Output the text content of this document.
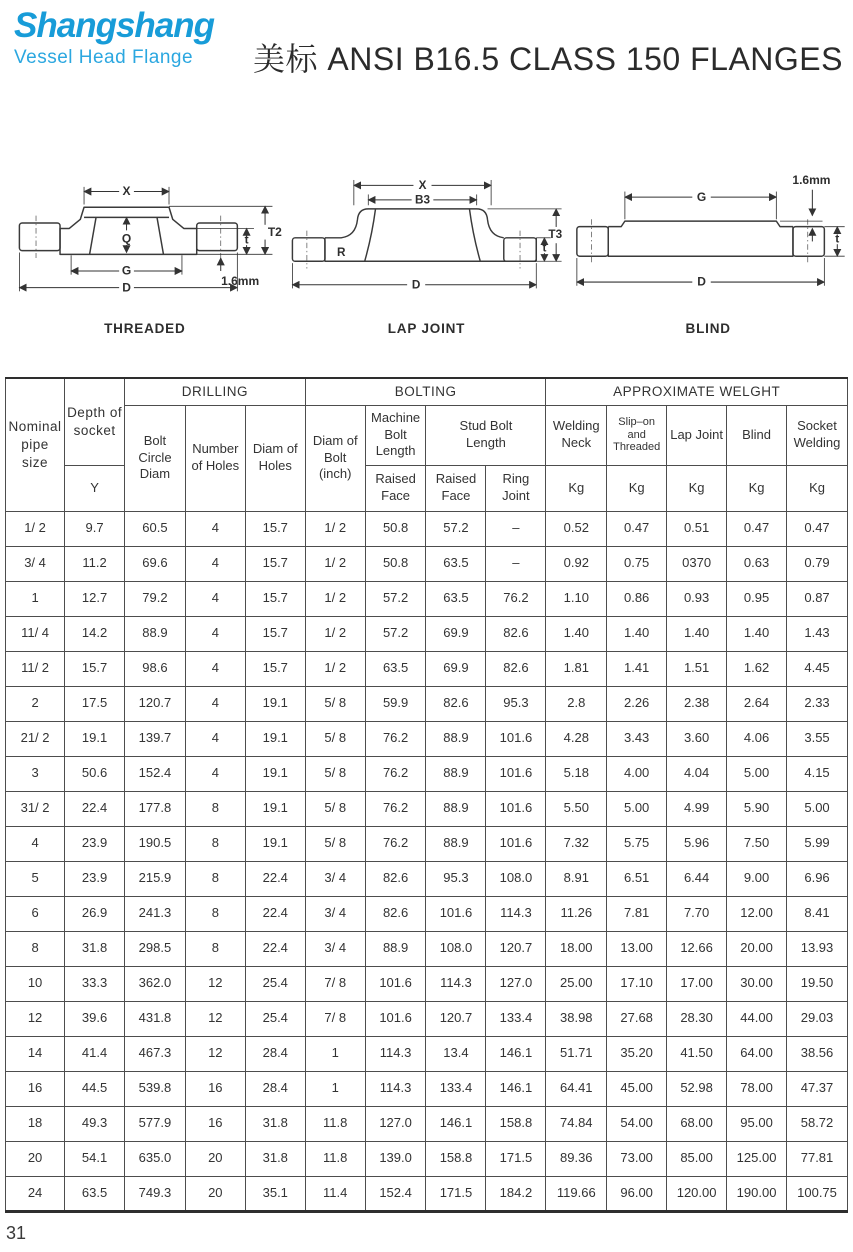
Shangshang
Vessel Head Flange	美标 ANSI B16.5 CLASS 150 FLANGES
X
Q
G
D
t
T2
1.6mm
THREADED
X
B3
R
D
t
T3
LAP JOINT
G
D
t
1.6mm
BLIND
Nominal pipe size	Depth of socket	DRILLING			BOLTING				APPROXIMATE WELGHT				
		Bolt Circle Diam	Number of Holes	Diam of Holes	Diam of Bolt (inch)	Machine Bolt Length	Stud Bolt Length		Welding Neck	Slip–on and Threaded	Lap Joint	Blind	Socket Welding
	Y					Raised Face	Raised Face	Ring Joint	Kg	Kg	Kg	Kg	Kg
1/ 2	9.7	60.5	4	15.7	1/ 2	50.8	57.2	–	0.52	0.47	0.51	0.47	0.47
3/ 4	11.2	69.6	4	15.7	1/ 2	50.8	63.5	–	0.92	0.75	0370	0.63	0.79
1	12.7	79.2	4	15.7	1/ 2	57.2	63.5	76.2	1.10	0.86	0.93	0.95	0.87
11/ 4	14.2	88.9	4	15.7	1/ 2	57.2	69.9	82.6	1.40	1.40	1.40	1.40	1.43
11/ 2	15.7	98.6	4	15.7	1/ 2	63.5	69.9	82.6	1.81	1.41	1.51	1.62	4.45
2	17.5	120.7	4	19.1	5/ 8	59.9	82.6	95.3	2.8	2.26	2.38	2.64	2.33
21/ 2	19.1	139.7	4	19.1	5/ 8	76.2	88.9	101.6	4.28	3.43	3.60	4.06	3.55
3	50.6	152.4	4	19.1	5/ 8	76.2	88.9	101.6	5.18	4.00	4.04	5.00	4.15
31/ 2	22.4	177.8	8	19.1	5/ 8	76.2	88.9	101.6	5.50	5.00	4.99	5.90	5.00
4	23.9	190.5	8	19.1	5/ 8	76.2	88.9	101.6	7.32	5.75	5.96	7.50	5.99
5	23.9	215.9	8	22.4	3/ 4	82.6	95.3	108.0	8.91	6.51	6.44	9.00	6.96
6	26.9	241.3	8	22.4	3/ 4	82.6	101.6	114.3	11.26	7.81	7.70	12.00	8.41
8	31.8	298.5	8	22.4	3/ 4	88.9	108.0	120.7	18.00	13.00	12.66	20.00	13.93
10	33.3	362.0	12	25.4	7/ 8	101.6	114.3	127.0	25.00	17.10	17.00	30.00	19.50
12	39.6	431.8	12	25.4	7/ 8	101.6	120.7	133.4	38.98	27.68	28.30	44.00	29.03
14	41.4	467.3	12	28.4	1	114.3	13.4	146.1	51.71	35.20	41.50	64.00	38.56
16	44.5	539.8	16	28.4	1	114.3	133.4	146.1	64.41	45.00	52.98	78.00	47.37
18	49.3	577.9	16	31.8	11.8	127.0	146.1	158.8	74.84	54.00	68.00	95.00	58.72
20	54.1	635.0	20	31.8	11.8	139.0	158.8	171.5	89.36	73.00	85.00	125.00	77.81
24	63.5	749.3	20	35.1	11.4	152.4	171.5	184.2	119.66	96.00	120.00	190.00	100.75
31
